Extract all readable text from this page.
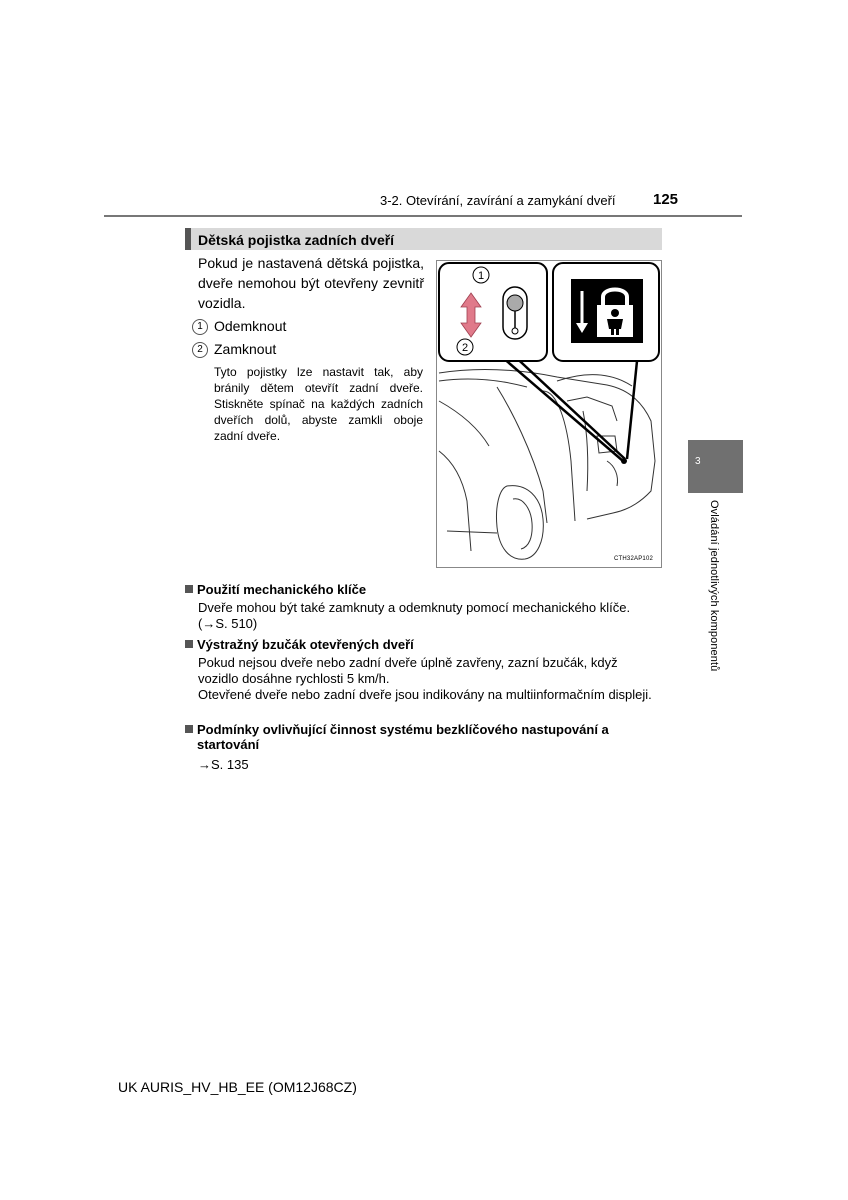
3-2. Otevírání, zavírání a zamykání dveří 125
Dětská pojistka zadních dveří
Pokud je nastavená dětská pojistka, dveře nemohou být otevřeny zevnitř vozidla.
1 Odemknout
2 Zamknout
Tyto pojistky lze nastavit tak, aby bránily dětem otevřít zadní dveře. Stiskněte spínač na každých zadních dveřích dolů, abyste zamkli oboje zadní dveře.
1
2
CTH32AP102
3
Ovládání jednotlivých komponentů
Použití mechanického klíče
Dveře mohou být také zamknuty a odemknuty pomocí mechanického klíče.
(→S. 510)
Výstražný bzučák otevřených dveří
Pokud nejsou dveře nebo zadní dveře úplně zavřeny, zazní bzučák, když vozidlo dosáhne rychlosti 5 km/h.
Otevřené dveře nebo zadní dveře jsou indikovány na multiinformačním displeji.
Podmínky ovlivňující činnost systému bezklíčového nastupování a startování
→S. 135
UK AURIS_HV_HB_EE (OM12J68CZ)
